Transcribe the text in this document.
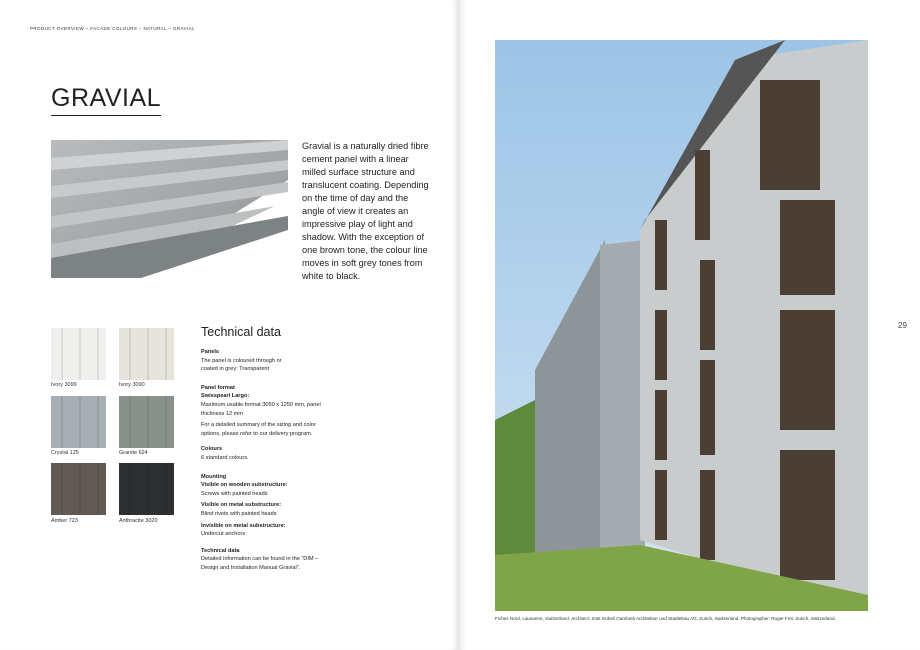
PRODUCT OVERVIEW – FACADE COLOURS – NATURAL – GRAVIAL
GRAVIAL
Gravial is a naturally dried fibre cement panel with a linear milled surface structure and translucent coating. Depending on the time of day and the angle of view it creates an impressive play of light and shadow. With the exception of one brown tone, the colour line moves in soft grey tones from white to black.
Ivory 3099	Ivory 3090
Crystal 125	Granite 624
Amber 723	Anthracite 3020
Technical data
Panels

The panel is coloured through or coated in grey: Transparent

Panel format
Swisspearl Largo:

Maximum usable format 3050 x 1250 mm, panel thickness 12 mm

For a detailed summary of the sizing and color options, please refer to our delivery program.

Colours

6 standard colours.

Mounting
Visible on wooden substructure:

Screws with painted heads

Visible on metal substructure:

Blind rivets with painted heads

Invisible on metal substructure:

Undercut anchors

Technical data

Detailed information can be found in the “DIM – Design and Installation Manual Gravial”.

29
Fiches Nord, Lausanne, Switzerland. Architect: Züst Gübeli Gambetti Architektur und Städtebau AG, Zurich, Switzerland. Photographer: Roger Frei, Zurich, Switzerland.
